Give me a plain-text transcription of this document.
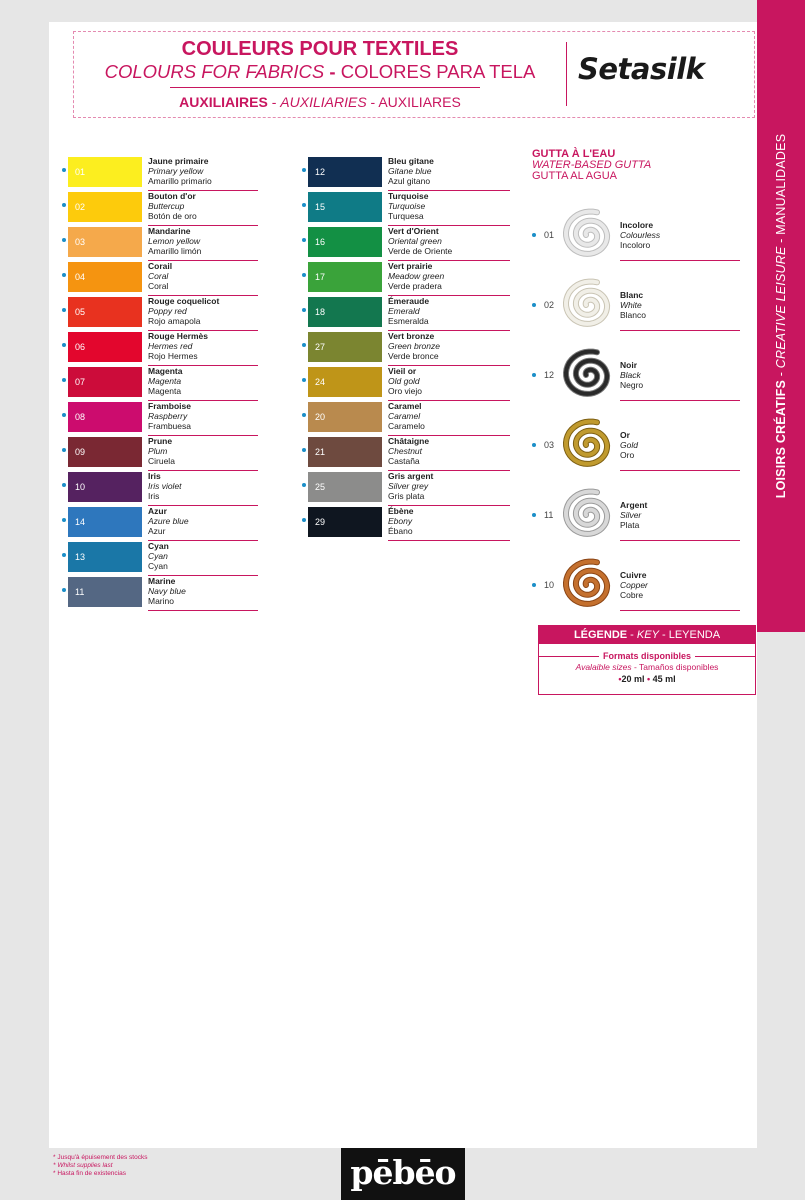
LOISIRS CRÉATIFS - CREATIVE LEISURE - MANUALIDADES
COULEURS POUR TEXTILES
COLOURS FOR FABRICS - COLORES PARA TELA
AUXILIAIRES - AUXILIARIES - AUXILIARES
Setasilk
01
Jaune primaire
Primary yellow
Amarillo primario
02
Bouton d'or
Buttercup
Botón de oro
03
Mandarine
Lemon yellow
Amarillo limón
04
Corail
Coral
Coral
05
Rouge coquelicot
Poppy red
Rojo amapola
06
Rouge Hermès
Hermes red
Rojo Hermes
07
Magenta
Magenta
Magenta
08
Framboise
Raspberry
Frambuesa
09
Prune
Plum
Ciruela
10
Iris
Iris violet
Iris
14
Azur
Azure blue
Azur
13
Cyan
Cyan
Cyan
11
Marine
Navy blue
Marino
12
Bleu gitane
Gitane blue
Azul gitano
15
Turquoise
Turquoise
Turquesa
16
Vert d'Orient
Oriental green
Verde de Oriente
17
Vert prairie
Meadow green
Verde pradera
18
Émeraude
Emerald
Esmeralda
27
Vert bronze
Green bronze
Verde bronce
24
Vieil or
Old gold
Oro viejo
20
Caramel
Caramel
Caramelo
21
Châtaigne
Chestnut
Castaña
25
Gris argent
Silver grey
Gris plata
29
Ébène
Ebony
Ébano
GUTTA À L'EAU
WATER-BASED GUTTA
GUTTA AL AGUA
01
Incolore
Colourless
Incoloro
02
Blanc
White
Blanco
12
Noir
Black
Negro
03
Or
Gold
Oro
11
Argent
Silver
Plata
10
Cuivre
Copper
Cobre
LÉGENDE - KEY - LEYENDA
Formats disponibles
Avalaible sizes - Tamaños disponibles
•20 ml • 45 ml
* Jusqu'à épuisement des stocks
* Whilst supplies last
* Hasta fin de existencias	pēbēo
